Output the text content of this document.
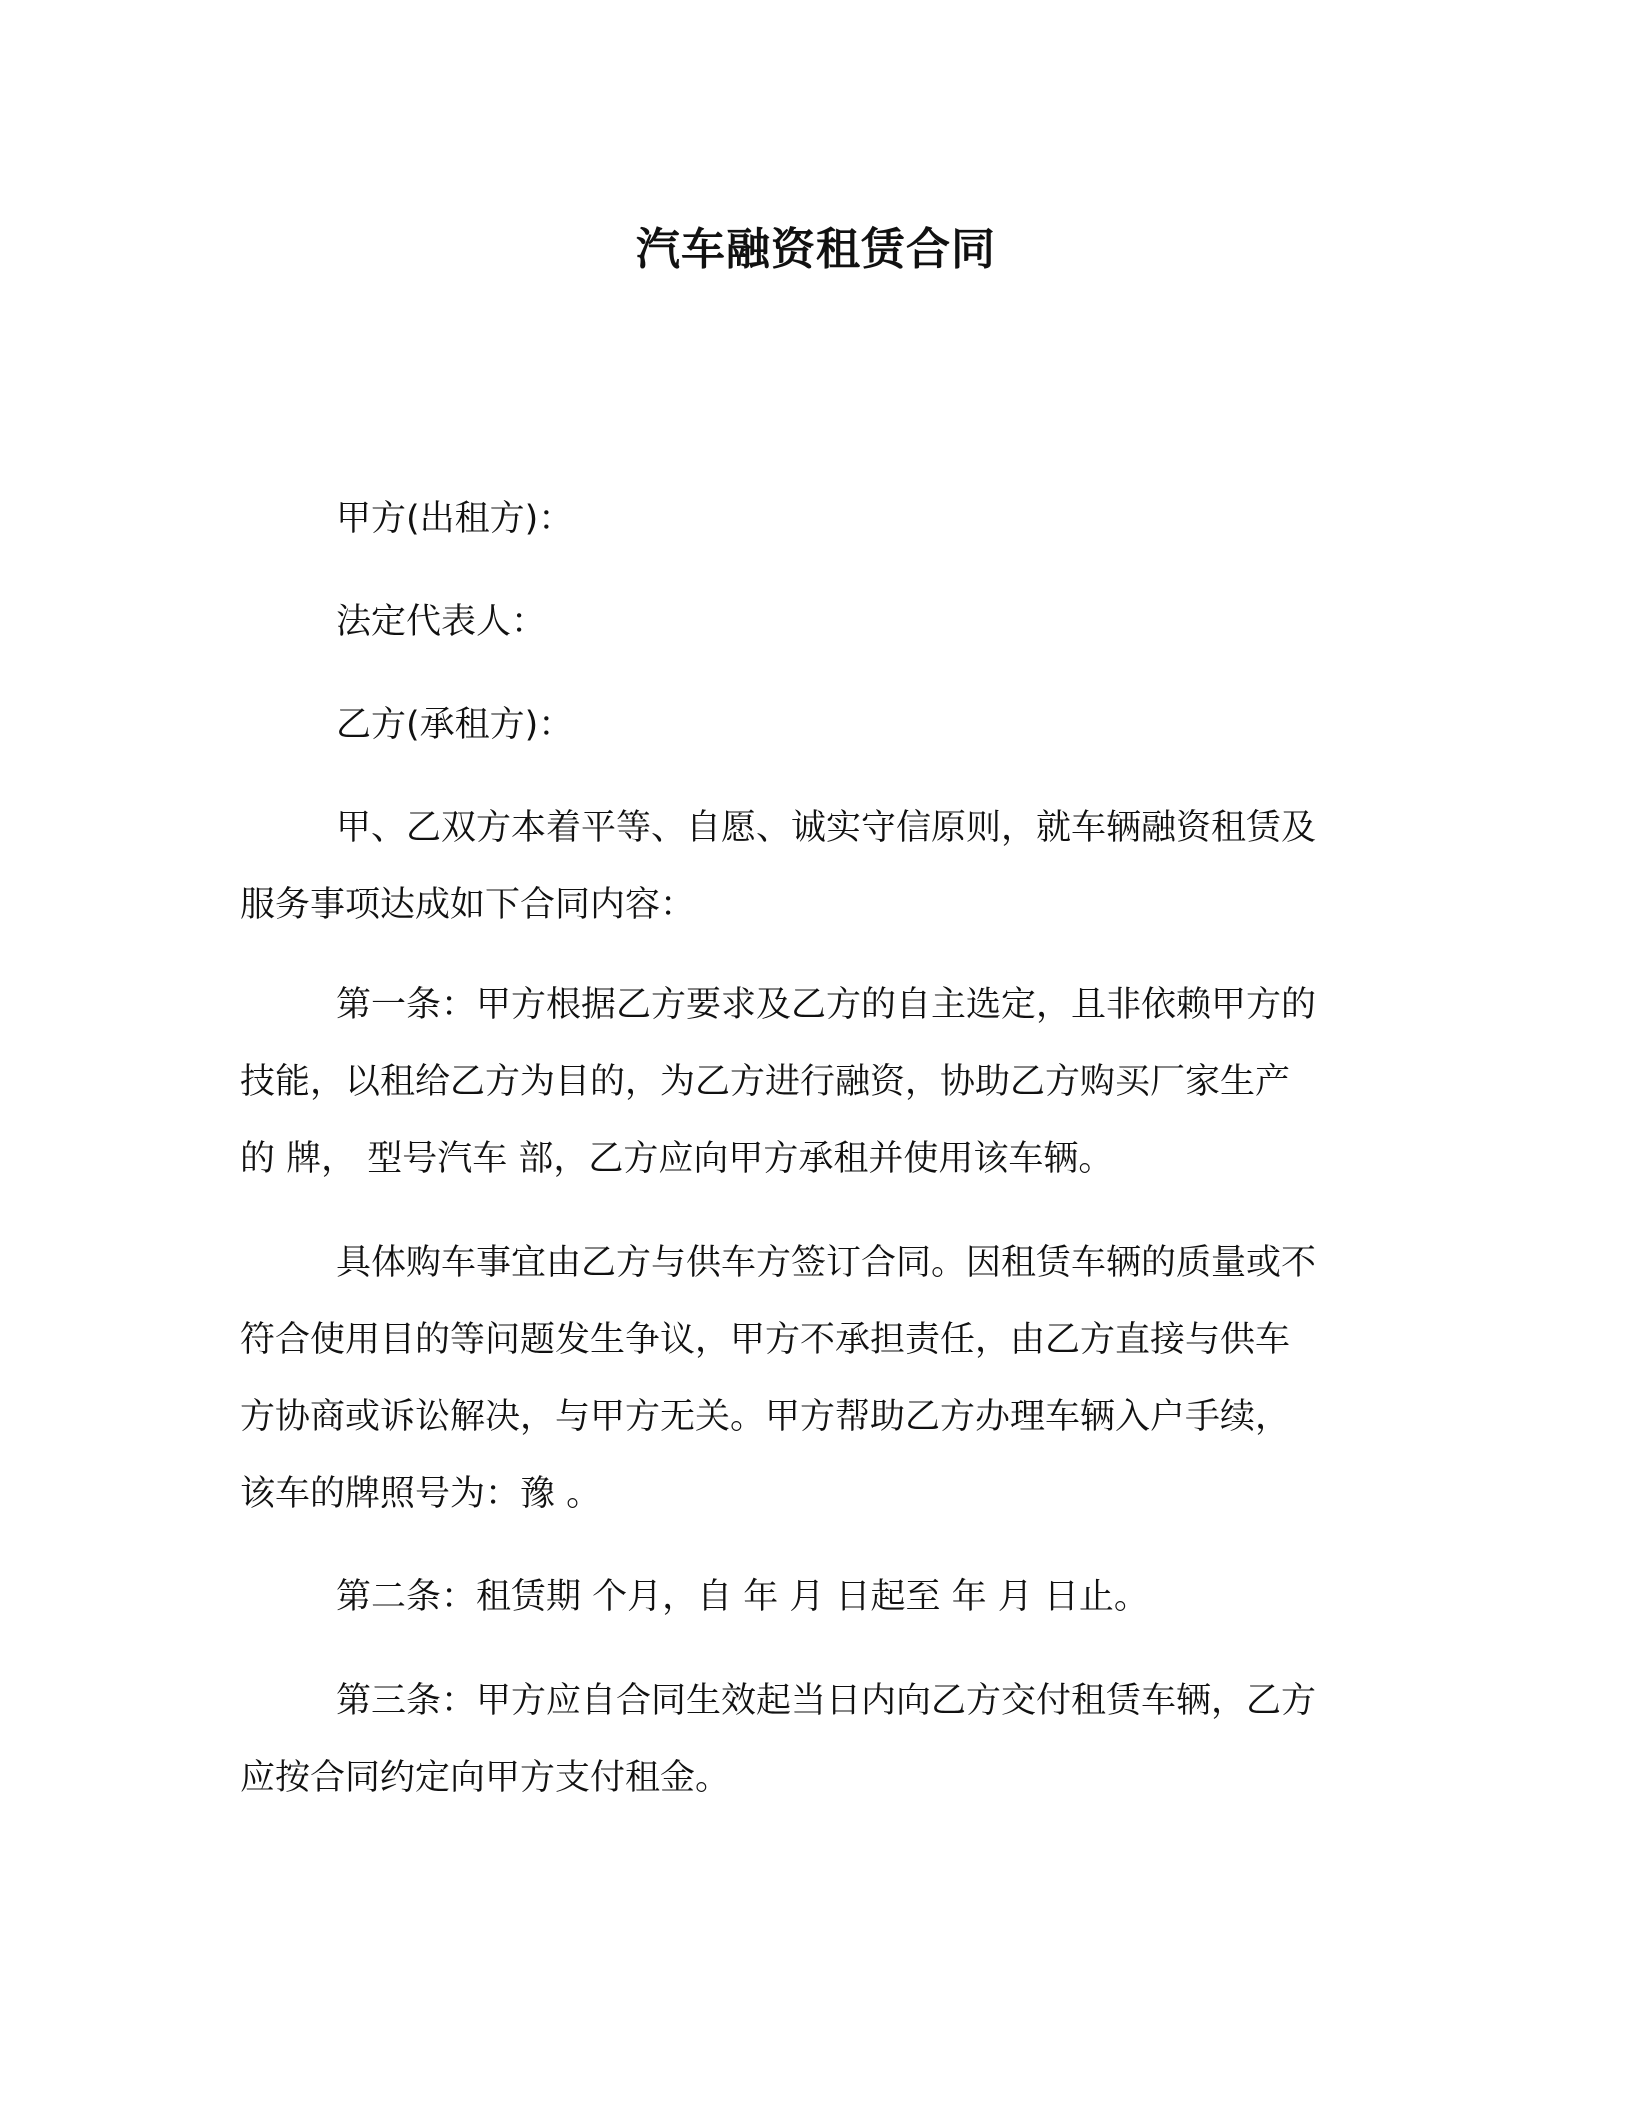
汽车融资租赁合同

甲方(出租方)：

法定代表人：

乙方(承租方)：

甲、乙双方本着平等、自愿、诚实守信原则，就车辆融资租赁及

服务事项达成如下合同内容：

第一条：甲方根据乙方要求及乙方的自主选定，且非依赖甲方的

技能，以租给乙方为目的，为乙方进行融资，协助乙方购买厂家生产

的 牌， 型号汽车 部，乙方应向甲方承租并使用该车辆。

具体购车事宜由乙方与供车方签订合同。因租赁车辆的质量或不

符合使用目的等问题发生争议，甲方不承担责任，由乙方直接与供车

方协商或诉讼解决，与甲方无关。甲方帮助乙方办理车辆入户手续，

该车的牌照号为：豫 。

第二条：租赁期 个月，自 年 月 日起至 年 月 日止。

第三条：甲方应自合同生效起当日内向乙方交付租赁车辆，乙方

应按合同约定向甲方支付租金。
